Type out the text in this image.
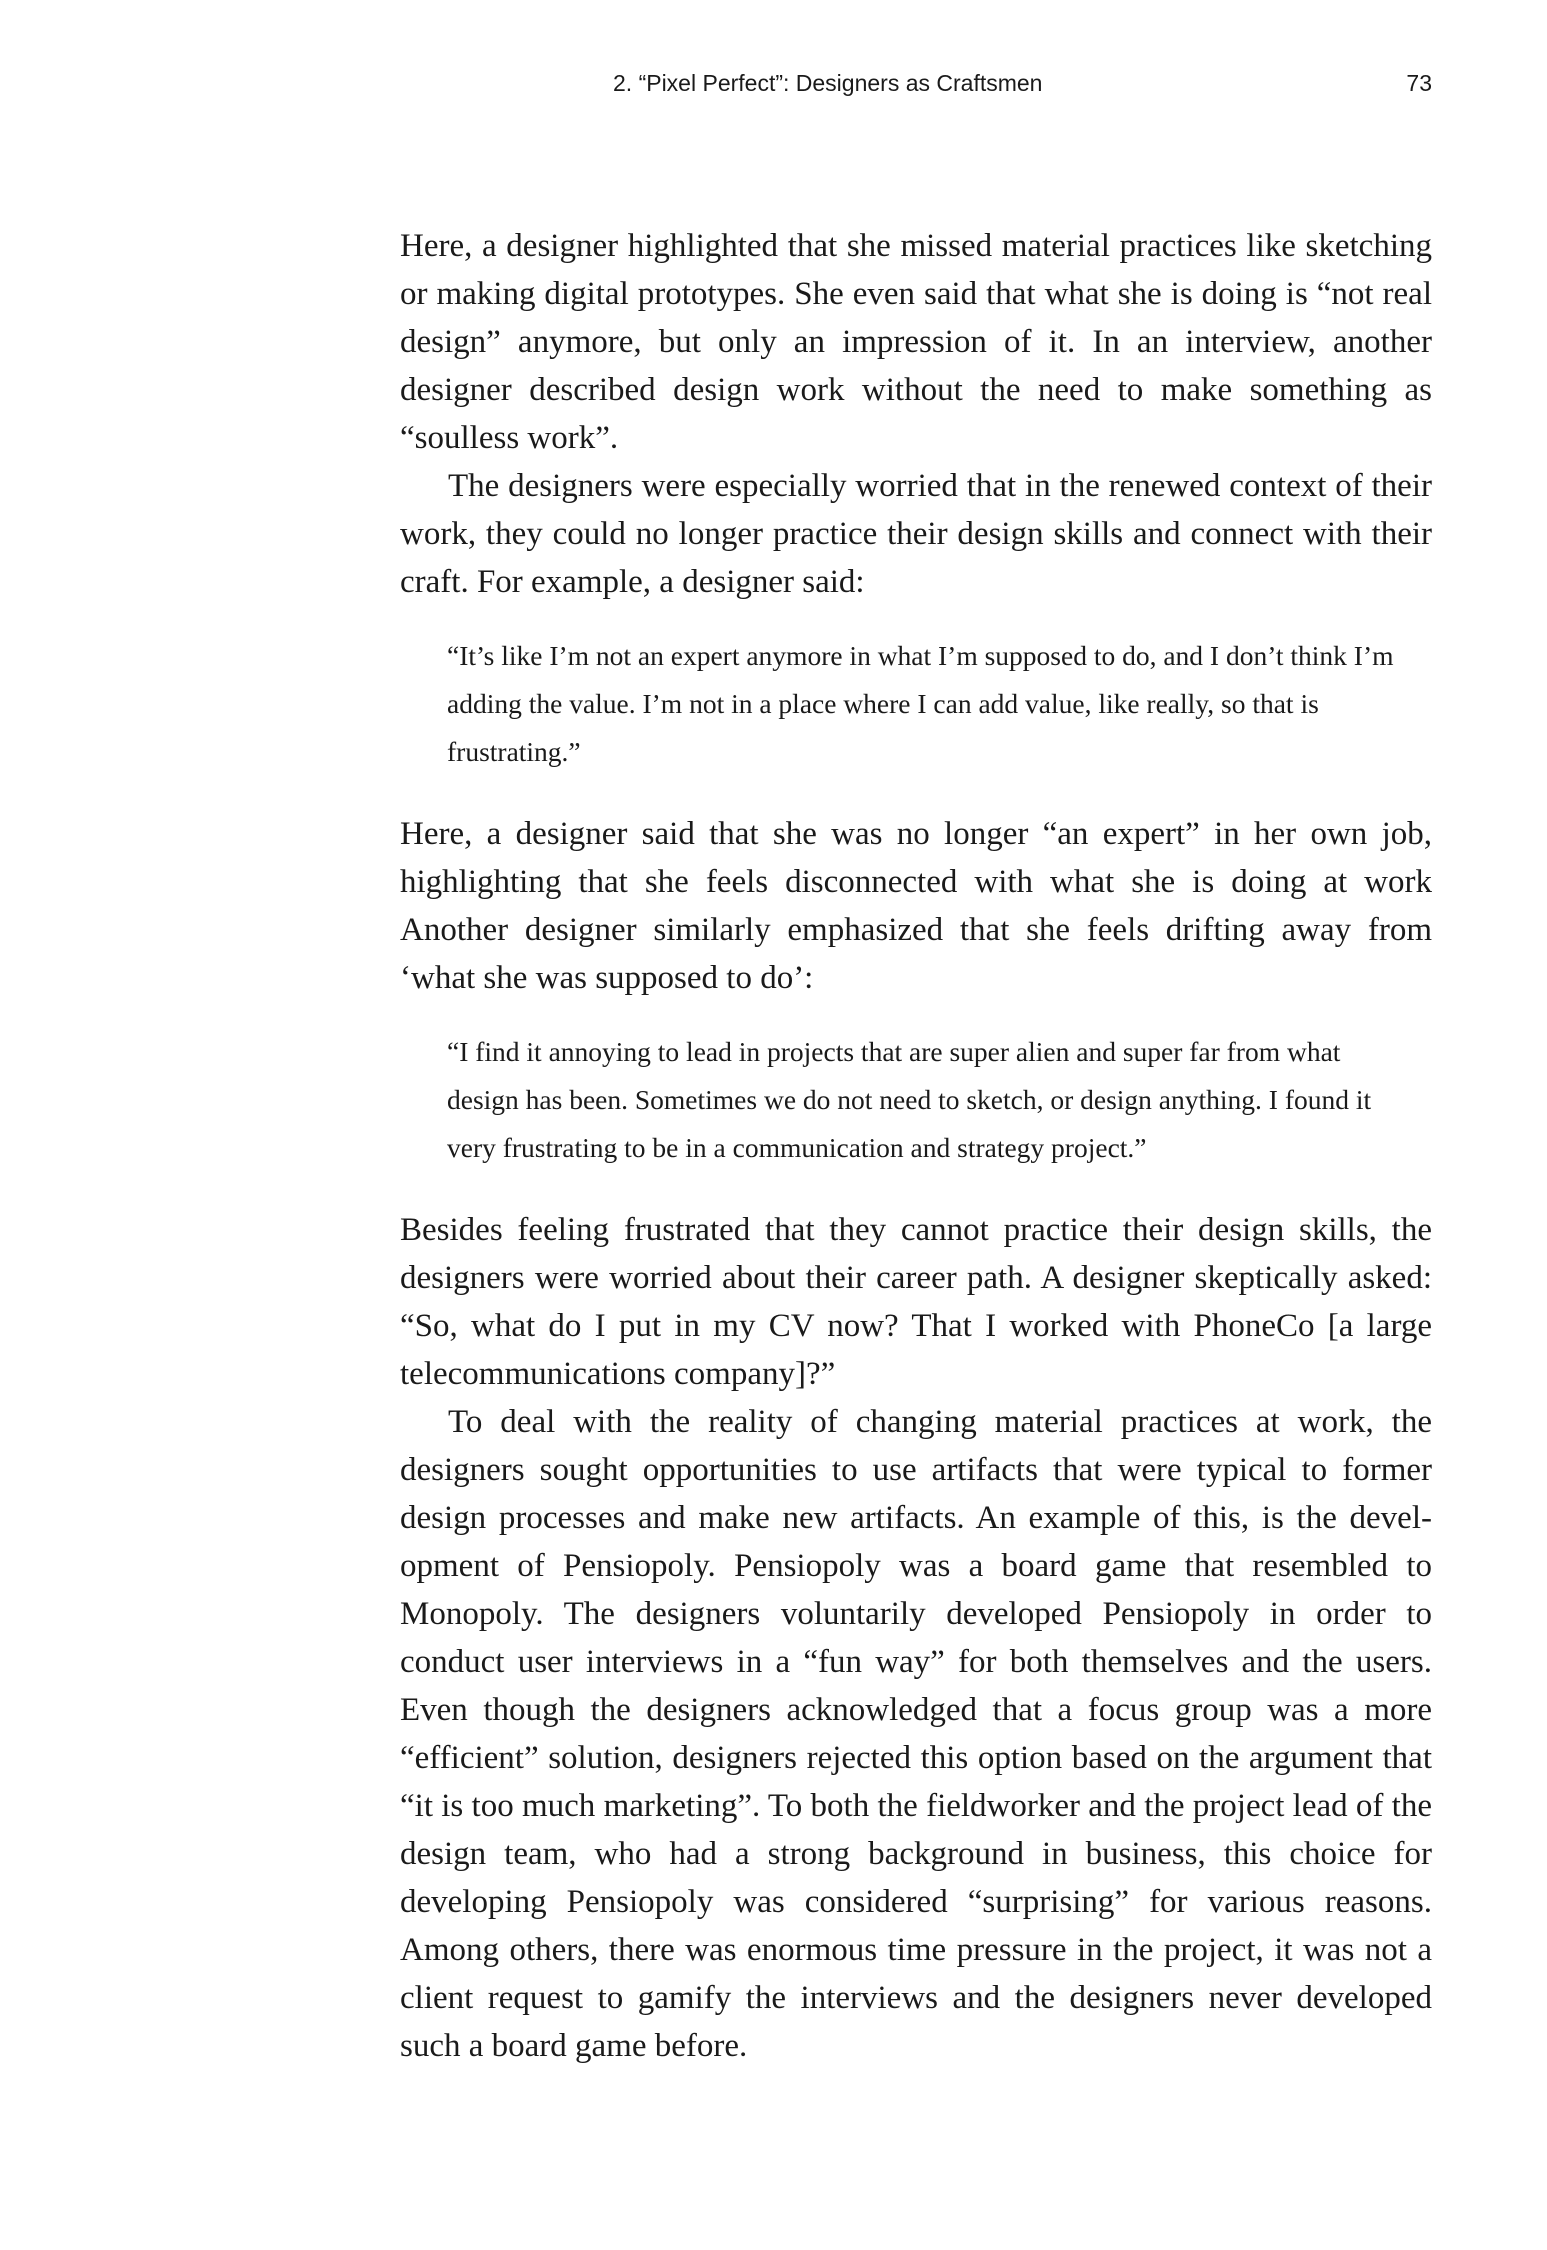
2. “Pixel Perfect”: Designers as Craftsmen	73

Here, a designer highlighted that she missed material practices like sketching or making digital prototypes. She even said that what she is doing is “not real design” anymore, but only an impression of it. In an interview, another designer described design work without the need to make something as “soulless work”.

The designers were especially worried that in the renewed context of their work, they could no longer practice their design skills and connect with their craft. For example, a designer said:

“It’s like I’m not an expert anymore in what I’m supposed to do, and I don’t think I’m adding the value. I’m not in a place where I can add value, like really, so that is frustrating.”

Here, a designer said that she was no longer “an expert” in her own job, highlighting that she feels disconnected with what she is doing at work Another designer similarly emphasized that she feels drifting away from ‘what she was supposed to do’:

“I find it annoying to lead in projects that are super alien and super far from what design has been. Sometimes we do not need to sketch, or design anything. I found it very frustrating to be in a communication and strategy project.”

Besides feeling frustrated that they cannot practice their design skills, the designers were worried about their career path. A designer skeptically asked: “So, what do I put in my CV now? That I worked with PhoneCo [a large telecommunications company]?”

To deal with the reality of changing material practices at work, the designers sought opportunities to use artifacts that were typical to former design processes and make new artifacts. An example of this, is the development of Pensiopoly. Pensiopoly was a board game that resembled to Monopoly. The designers voluntarily developed Pensiopoly in order to conduct user interviews in a “fun way” for both themselves and the users. Even though the designers acknowledged that a focus group was a more “efficient” solution, designers rejected this option based on the argument that “it is too much marketing”. To both the fieldworker and the project lead of the design team, who had a strong background in business, this choice for developing Pensiopoly was considered “surprising” for various reasons. Among others, there was enormous time pressure in the project, it was not a client request to gamify the interviews and the designers never developed such a board game before.
